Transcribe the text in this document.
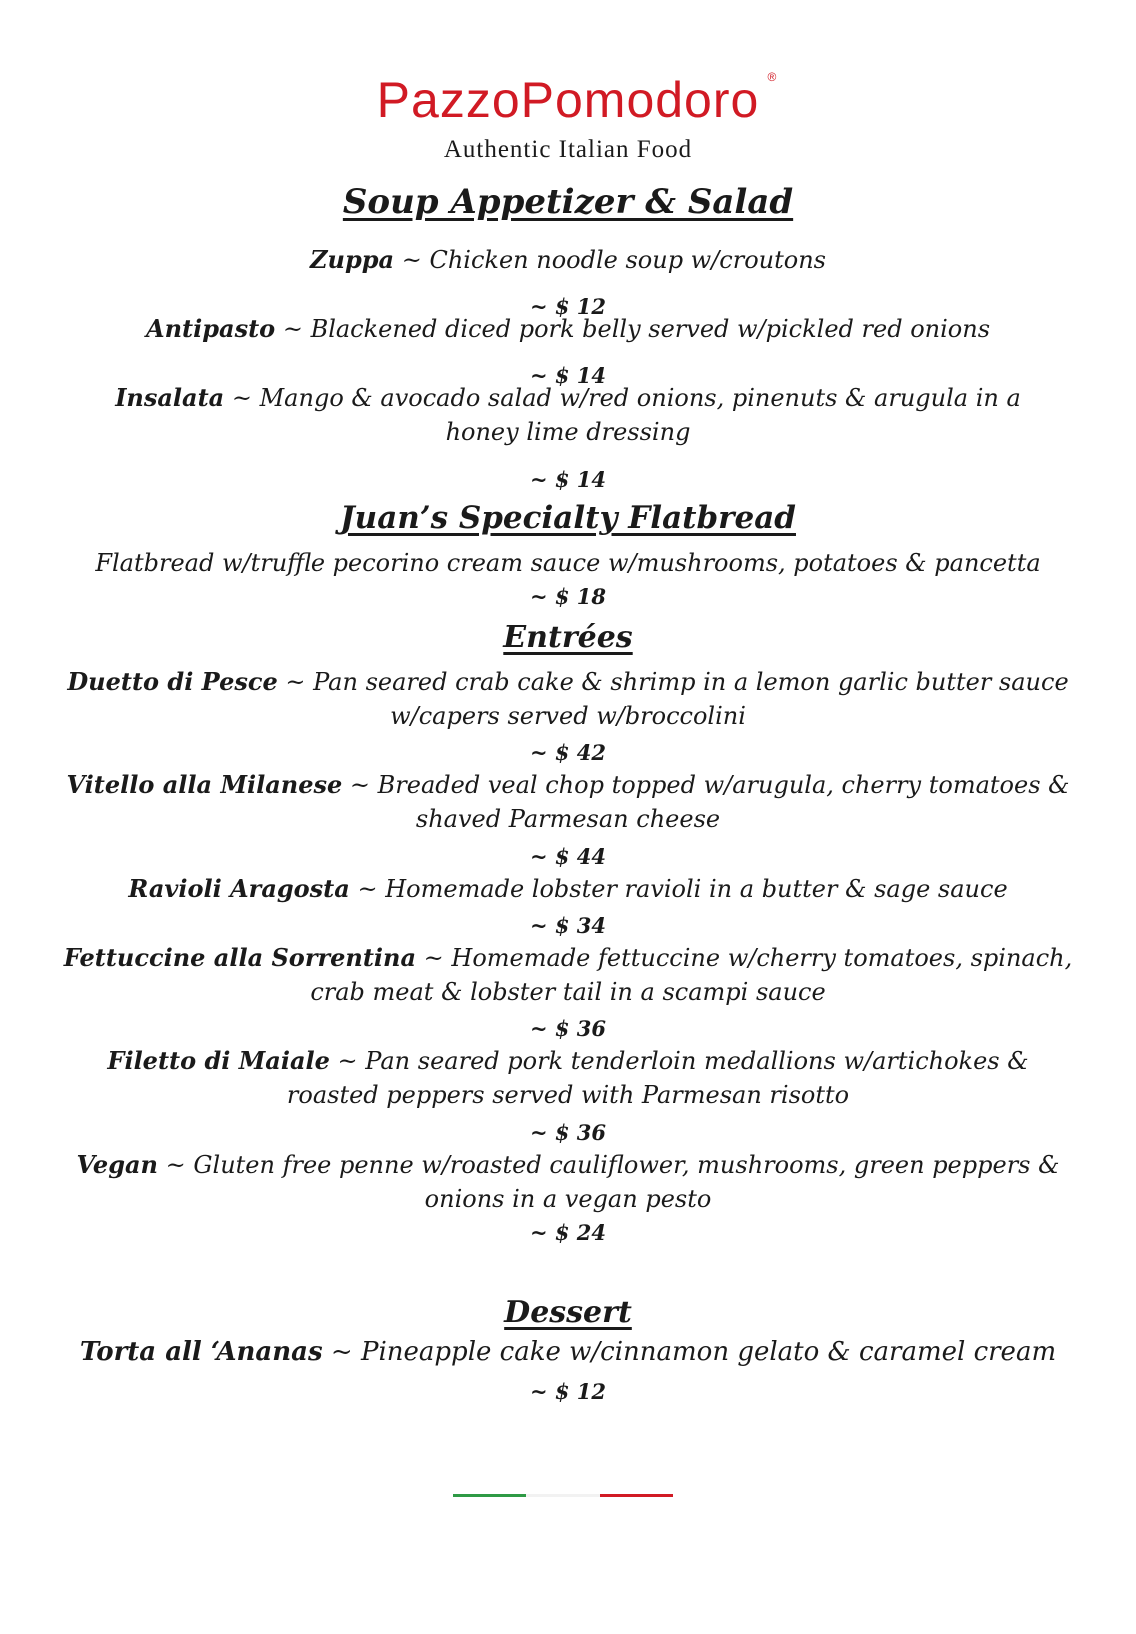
PazzoPomodoro ®
Authentic Italian Food
Soup Appetizer & Salad
Zuppa ~ Chicken noodle soup w/croutons
~ $ 12
Antipasto ~ Blackened diced pork belly served w/pickled red onions
~ $ 14
Insalata ~ Mango & avocado salad w/red onions, pinenuts & arugula in a
honey lime dressing
~ $ 14
Juan’s Specialty Flatbread
Flatbread w/truffle pecorino cream sauce w/mushrooms, potatoes & pancetta
~ $ 18
Entrées
Duetto di Pesce ~ Pan seared crab cake & shrimp in a lemon garlic butter sauce
w/capers served w/broccolini
~ $ 42
Vitello alla Milanese ~ Breaded veal chop topped w/arugula, cherry tomatoes &
shaved Parmesan cheese
~ $ 44
Ravioli Aragosta ~ Homemade lobster ravioli in a butter & sage sauce
~ $ 34
Fettuccine alla Sorrentina ~ Homemade fettuccine w/cherry tomatoes, spinach,
crab meat & lobster tail in a scampi sauce
~ $ 36
Filetto di Maiale ~ Pan seared pork tenderloin medallions w/artichokes &
roasted peppers served with Parmesan risotto
~ $ 36
Vegan ~ Gluten free penne w/roasted cauliflower, mushrooms, green peppers &
onions in a vegan pesto
~ $ 24
Dessert
Torta all ‘Ananas ~ Pineapple cake w/cinnamon gelato & caramel cream
~ $ 12
